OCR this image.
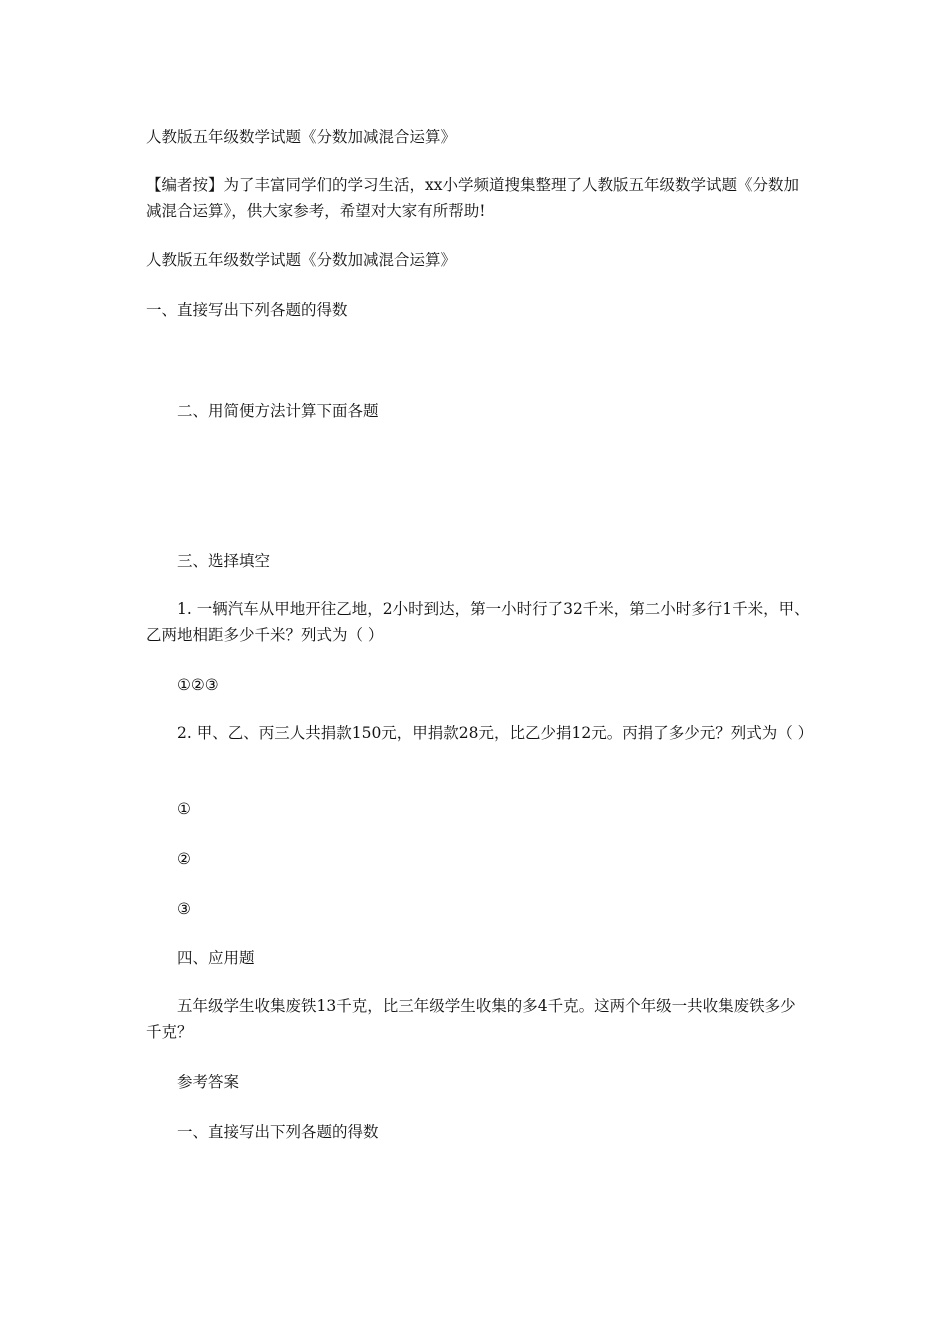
人教版五年级数学试题《分数加减混合运算》
【编者按】为了丰富同学们的学习生活，xx小学频道搜集整理了人教版五年级数学试题《分数加减混合运算》，供大家参考，希望对大家有所帮助!
人教版五年级数学试题《分数加减混合运算》
一、直接写出下列各题的得数
二、用简便方法计算下面各题
三、选择填空
1. 一辆汽车从甲地开往乙地，2小时到达，第一小时行了32千米，第二小时多行1千米，甲、乙两地相距多少千米？列式为（ ）
①②③
2. 甲、乙、丙三人共捐款150元，甲捐款28元，比乙少捐12元。丙捐了多少元？列式为（ ）
①
②
③
四、应用题
五年级学生收集废铁13千克，比三年级学生收集的多4千克。这两个年级一共收集废铁多少千克？
参考答案
一、直接写出下列各题的得数
